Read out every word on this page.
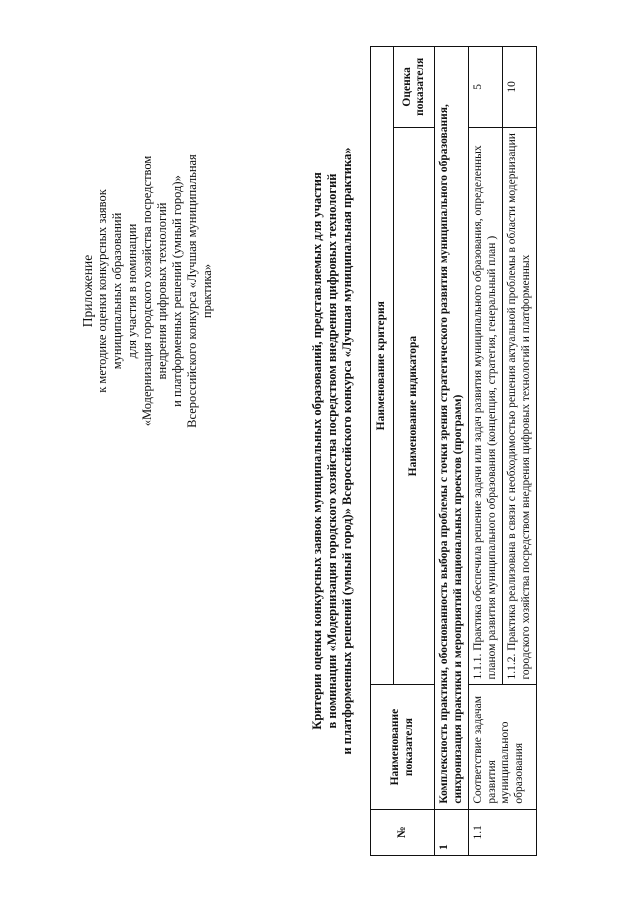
Приложение к методике оценки конкурсных заявок муниципальных образований для участия в номинации «Модернизация городского хозяйства посредством внедрения цифровых технологий и платформенных решений (умный город)» Всероссийского конкурса «Лучшая муниципальная практика»	Критерии оценки конкурсных заявок муниципальных образований, представляемых для участия в номинации «Модернизация городского хозяйства посредством внедрения цифровых технологий и платформенных решений (умный город)» Всероссийского конкурса «Лучшая муниципальная практика»
№	Наименование показателя	Наименование критерия	
		Наименование индикатора	Оценка показателя
1	Комплексность практики, обоснованность выбора проблемы с точки зрения стратегического развития муниципального образования, синхронизация практики и мероприятий национальных проектов (программ)		
1.1	Соответствие задачам развития муниципального образования	1.1.1. Практика обеспечила решение задачи или задач развития муниципального образования, определенных планом развития муниципального образования (концепция, стратегия, генеральный план )	5
		1.1.2. Практика реализована в связи с необходимостью решения актуальной проблемы в области модернизации городского хозяйства посредством внедрения цифровых технологий и платформенных	10
